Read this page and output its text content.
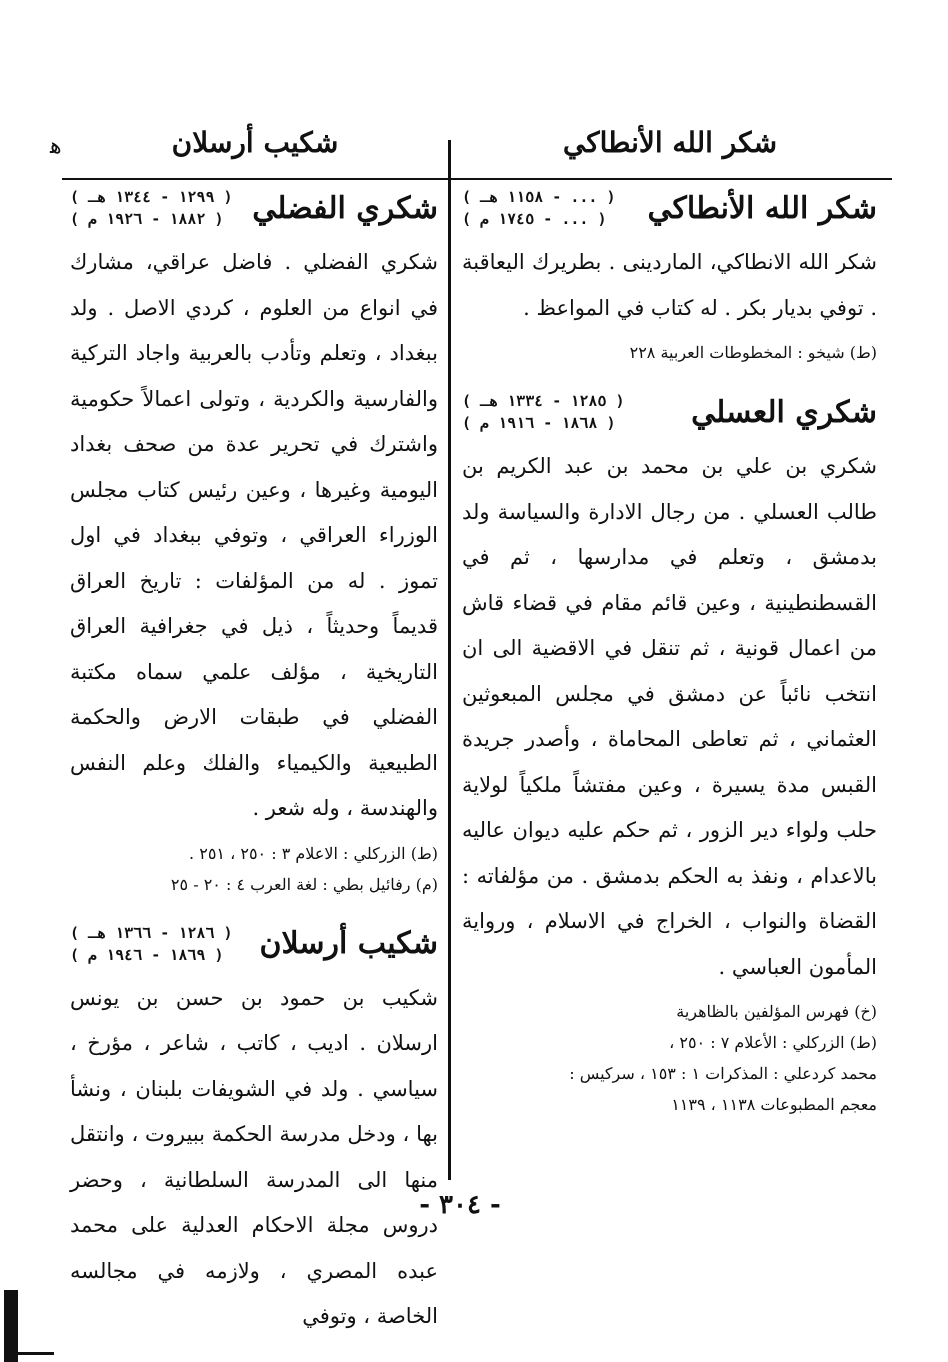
ﻫ	شكر الله الأنطاكي
شكيب أرسلان
شكر الله الأنطاكي
( ... - ١١٥٨ هـ )
( ... - ١٧٤٥ م )

شكر الله الانطاكي، الماردينى . بطريرك اليعاقبة . توفي بديار بكر . له كتاب في المواعظ .

(ط) شيخو : المخطوطات العربية ٢٢٨

شكري العسلي
( ١٢٨٥ - ١٣٣٤ هـ )
( ١٨٦٨ - ١٩١٦ م )

شكري بن علي بن محمد بن عبد الكريم بن طالب العسلي . من رجال الادارة والسياسة ولد بدمشق ، وتعلم في مدارسها ، ثم في القسطنطينية ، وعين قائم مقام في قضاء قاش من اعمال قونية ، ثم تنقل في الاقضية الى ان انتخب نائباً عن دمشق في مجلس المبعوثين العثماني ، ثم تعاطى المحاماة ، وأصدر جريدة القبس مدة يسيرة ، وعين مفتشاً ملكياً لولاية حلب ولواء دير الزور ، ثم حكم عليه ديوان عاليه بالاعدام ، ونفذ به الحكم بدمشق . من مؤلفاته : القضاة والنواب ، الخراج في الاسلام ، ورواية المأمون العباسي .

(خ) فهرس المؤلفين بالظاهرية

(ط) الزركلي : الأعلام ٧ : ٢٥٠ ،

محمد كردعلي : المذكرات ١ : ١٥٣ ، سركيس :

معجم المطبوعات ١١٣٨ ، ١١٣٩

شكري الفضلي
( ١٢٩٩ - ١٣٤٤ هـ )
( ١٨٨٢ - ١٩٢٦ م )

شكري الفضلي . فاضل عراقي، مشارك في انواع من العلوم ، كردي الاصل . ولد ببغداد ، وتعلم وتأدب بالعربية واجاد التركية والفارسية والكردية ، وتولى اعمالاً حكومية واشترك في تحرير عدة من صحف بغداد اليومية وغيرها ، وعين رئيس كتاب مجلس الوزراء العراقي ، وتوفي ببغداد في اول تموز . له من المؤلفات : تاريخ العراق قديماً وحديثاً ، ذيل في جغرافية العراق التاريخية ، مؤلف علمي سماه مكتبة الفضلي في طبقات الارض والحكمة الطبيعية والكيمياء والفلك وعلم النفس والهندسة ، وله شعر .

(ط) الزركلي : الاعلام ٣ : ٢٥٠ ، ٢٥١ .

(م) رفائيل بطي : لغة العرب ٤ : ٢٠ - ٢٥

شكيب أرسلان
( ١٢٨٦ - ١٣٦٦ هـ )
( ١٨٦٩ - ١٩٤٦ م )

شكيب بن حمود بن حسن بن يونس ارسلان . اديب ، كاتب ، شاعر ، مؤرخ ، سياسي . ولد في الشويفات بلبنان ، ونشأ بها ، ودخل مدرسة الحكمة ببيروت ، وانتقل منها الى المدرسة السلطانية ، وحضر دروس مجلة الاحكام العدلية على محمد عبده المصري ، ولازمه في مجالسه الخاصة ، وتوفي

- ٣٠٤ -
